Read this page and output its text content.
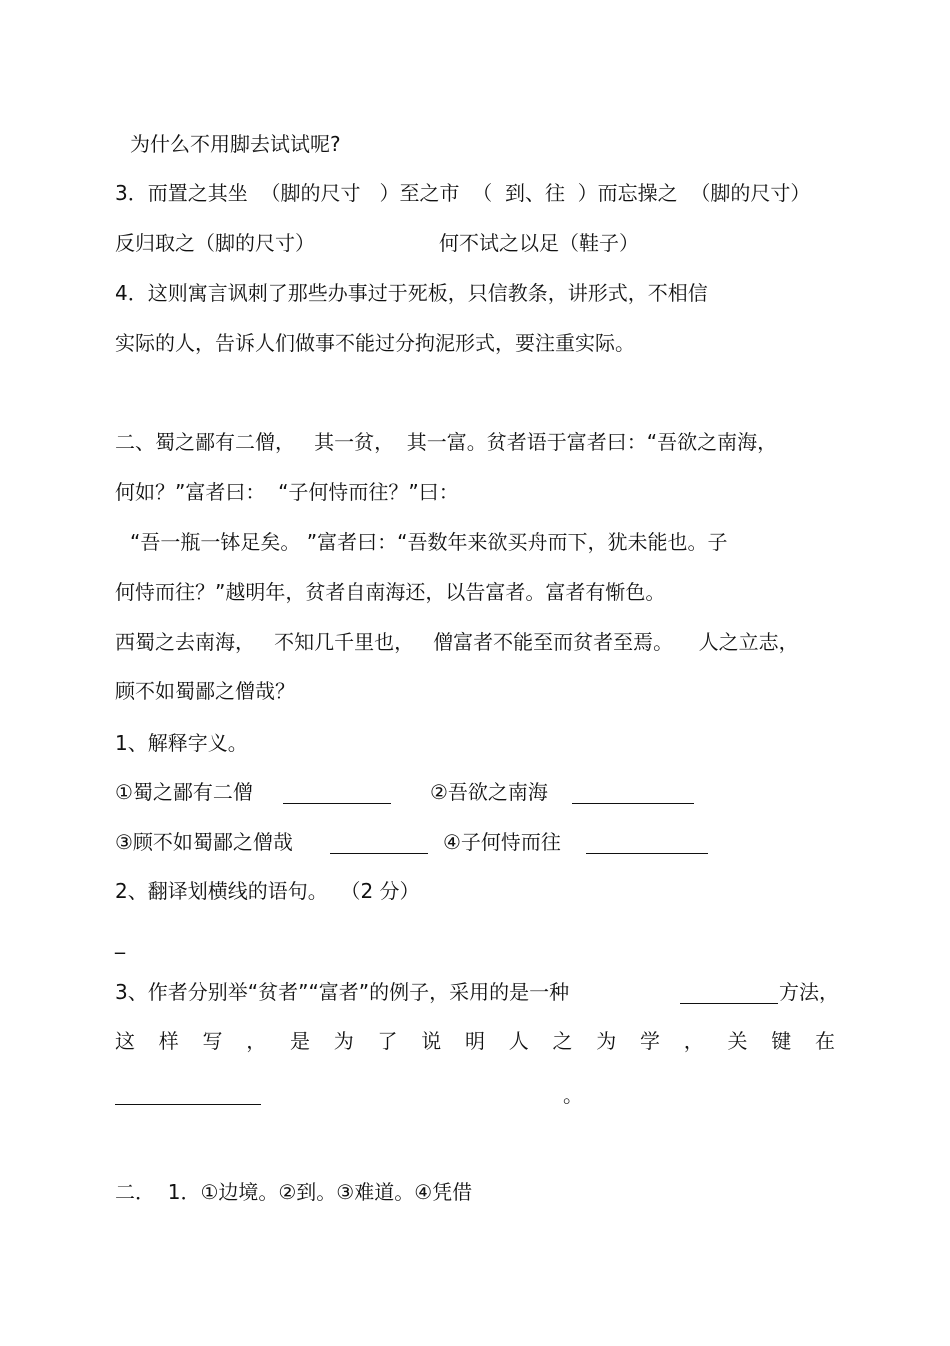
为什么不用脚去试试呢?
3．而置之其坐  （脚的尺寸   ）至之市  （  到、往  ）而忘操之  （脚的尺寸）
反归取之（脚的尺寸）	何不试之以足（鞋子）
4．这则寓言讽刺了那些办事过于死板，只信教条，讲形式，不相信
实际的人，告诉人们做事不能过分拘泥形式，要注重实际。
二、蜀之鄙有二僧，   其一贫，  其一富。贫者语于富者曰：“吾欲之南海，
何如？”富者曰：  “子何恃而往？”曰：
“吾一瓶一钵足矣。 ”富者曰：“吾数年来欲买舟而下，犹未能也。子
何恃而往？”越明年，贫者自南海还，以告富者。富者有惭色。
西蜀之去南海，   不知几千里也，   僧富者不能至而贫者至焉。    人之立志，
顾不如蜀鄙之僧哉？
1、解释字义。
①蜀之鄙有二僧	②吾欲之南海
③顾不如蜀鄙之僧哉	④子何恃而往
2、翻译划横线的语句。  （2 分）
_
3、作者分别举“贫者”“富者”的例子，采用的是一种	方法，
这 样 写 ， 是 为 了 说 明 人 之 为 学 ， 关 键 在
。
二．  1．①边境。②到。③难道。④凭借
